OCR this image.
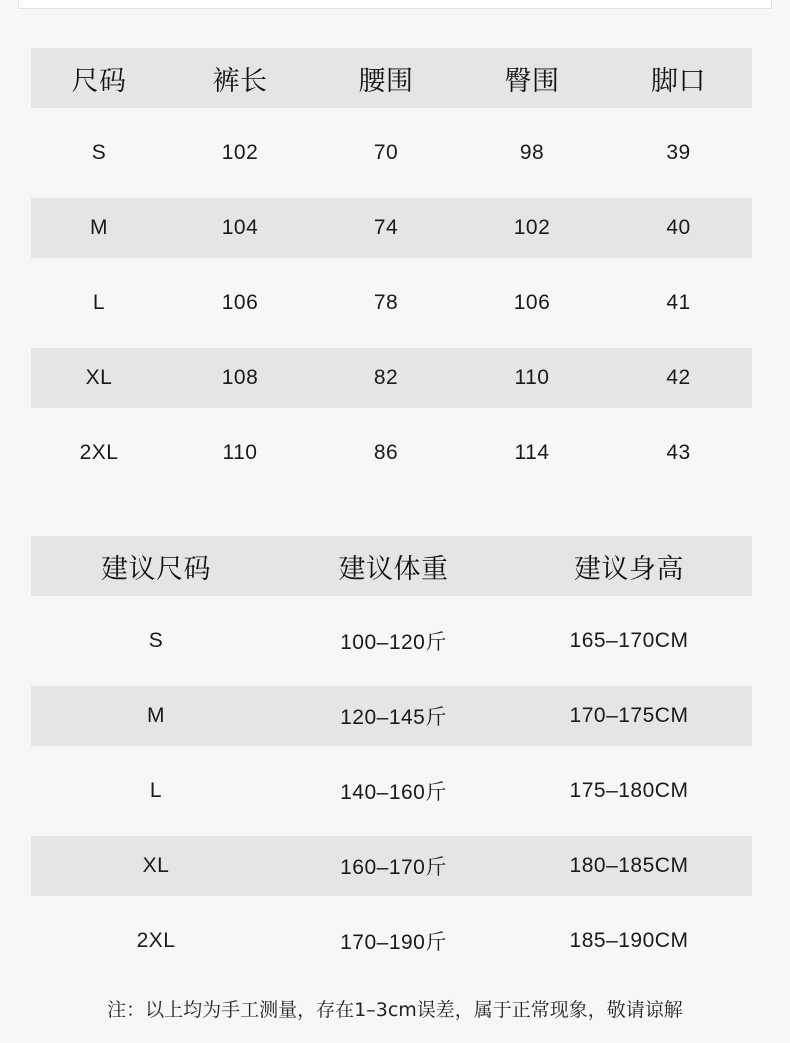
尺码	裤长	腰围	臀围	脚口
S	102	70	98	39
M	104	74	102	40
L	106	78	106	41
XL	108	82	110	42
2XL	110	86	114	43
建议尺码	建议体重	建议身高
S	100–120斤	165–170CM
M	120–145斤	170–175CM
L	140–160斤	175–180CM
XL	160–170斤	180–185CM
2XL	170–190斤	185–190CM
注：以上均为手工测量，存在1–3cm误差，属于正常现象，敬请谅解
